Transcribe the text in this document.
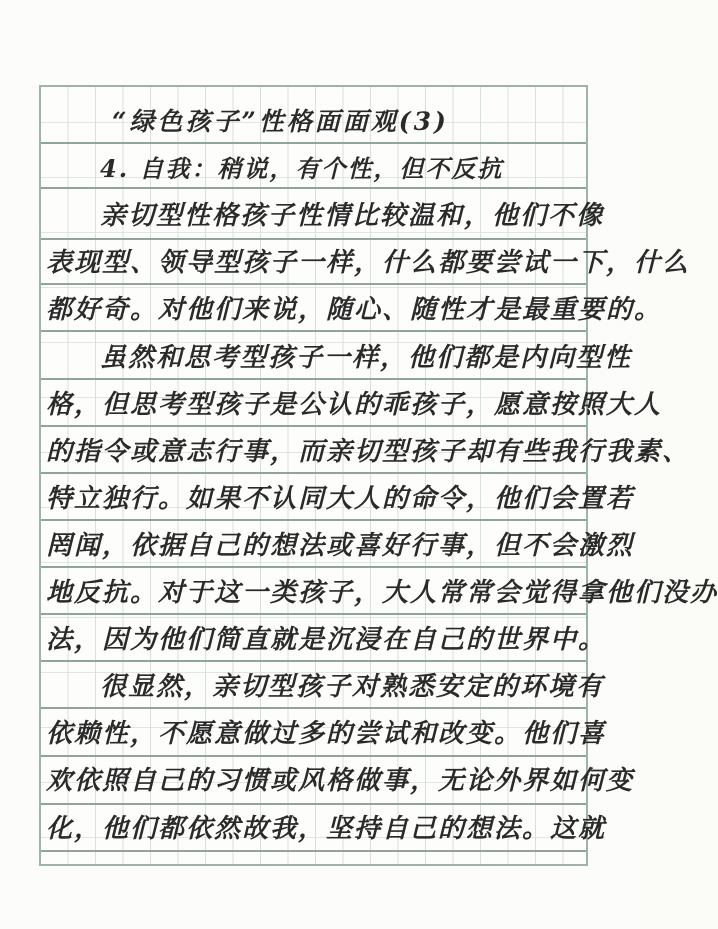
“绿色孩子”性格面面观(3)
4. 自我：稍说，有个性，但不反抗
亲切型性格孩子性情比较温和，他们不像
表现型、领导型孩子一样，什么都要尝试一下，什么
都好奇。对他们来说，随心、随性才是最重要的。
虽然和思考型孩子一样，他们都是内向型性
格，但思考型孩子是公认的乖孩子，愿意按照大人
的指令或意志行事，而亲切型孩子却有些我行我素、
特立独行。如果不认同大人的命令，他们会置若
罔闻，依据自己的想法或喜好行事，但不会激烈
地反抗。对于这一类孩子，大人常常会觉得拿他们没办
法，因为他们简直就是沉浸在自己的世界中。
很显然，亲切型孩子对熟悉安定的环境有
依赖性，不愿意做过多的尝试和改变。他们喜
欢依照自己的习惯或风格做事，无论外界如何变
化，他们都依然故我，坚持自己的想法。这就
